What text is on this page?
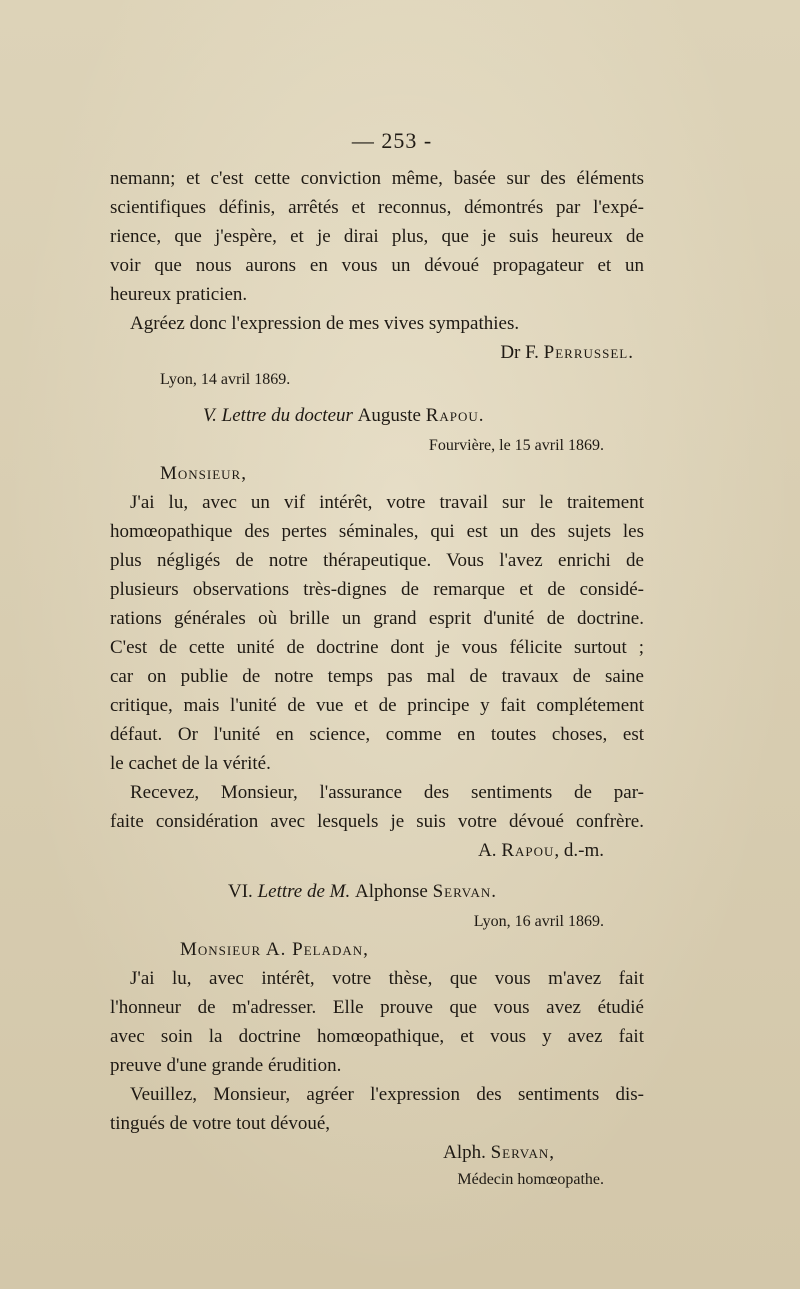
— 253 -
nemann; et c'est cette conviction même, basée sur des éléments
scientifiques définis, arrêtés et reconnus, démontrés par l'expé-
rience, que j'espère, et je dirai plus, que je suis heureux de
voir que nous aurons en vous un dévoué propagateur et un
heureux praticien.
Agréez donc l'expression de mes vives sympathies.
Dr F. Perrussel.
Lyon, 14 avril 1869.
V. Lettre du docteur Auguste Rapou.
Fourvière, le 15 avril 1869.
Monsieur,
J'ai lu, avec un vif intérêt, votre travail sur le traitement
homœopathique des pertes séminales, qui est un des sujets les
plus négligés de notre thérapeutique. Vous l'avez enrichi de
plusieurs observations très-dignes de remarque et de considé-
rations générales où brille un grand esprit d'unité de doctrine.
C'est de cette unité de doctrine dont je vous félicite surtout ;
car on publie de notre temps pas mal de travaux de saine
critique, mais l'unité de vue et de principe y fait complétement
défaut. Or l'unité en science, comme en toutes choses, est
le cachet de la vérité.
Recevez, Monsieur, l'assurance des sentiments de par-
faite considération avec lesquels je suis votre dévoué confrère.
A. Rapou, d.-m.
VI. Lettre de M. Alphonse Servan.
Lyon, 16 avril 1869.
Monsieur A. Peladan,
J'ai lu, avec intérêt, votre thèse, que vous m'avez fait
l'honneur de m'adresser. Elle prouve que vous avez étudié
avec soin la doctrine homœopathique, et vous y avez fait
preuve d'une grande érudition.
Veuillez, Monsieur, agréer l'expression des sentiments dis-
tingués de votre tout dévoué,
Alph. Servan,
Médecin homœopathe.
